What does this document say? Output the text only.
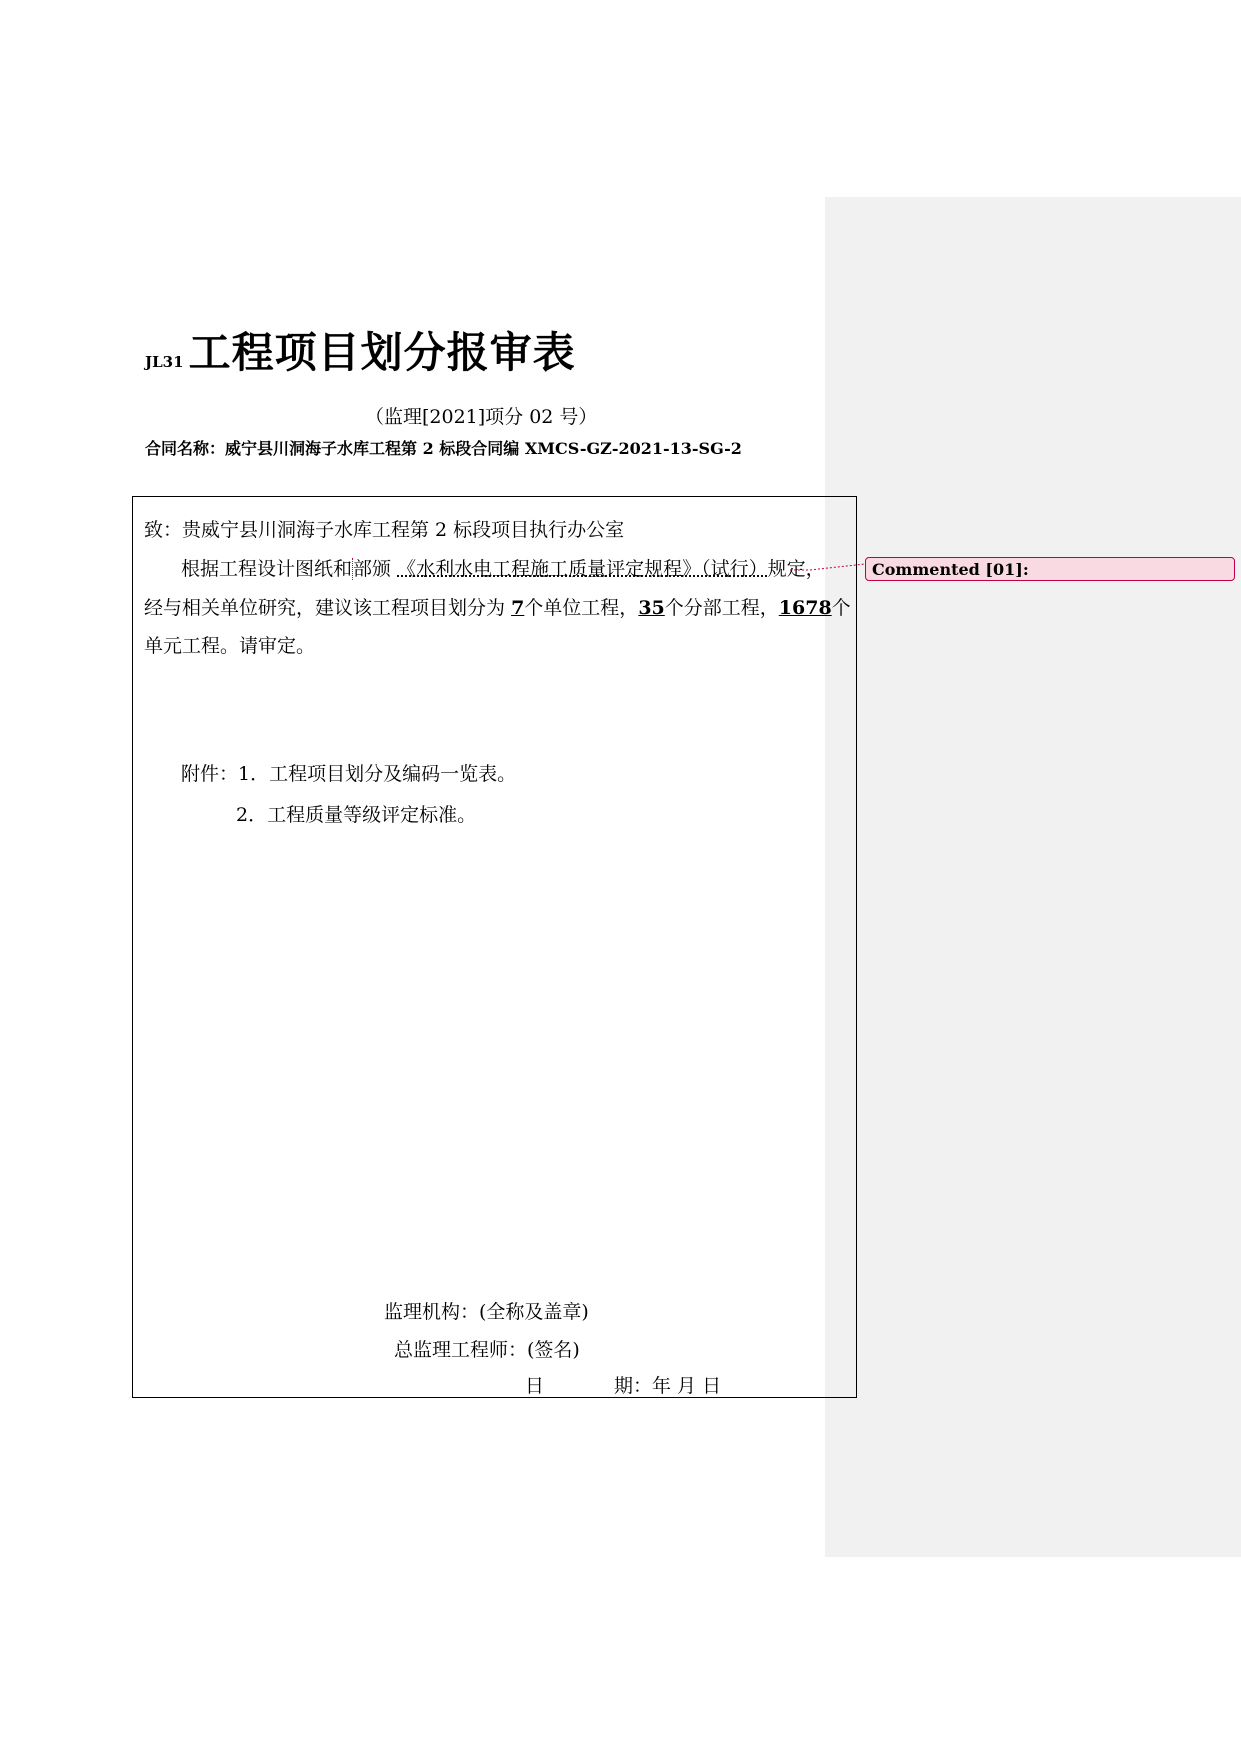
JL31 工程项目划分报审表
（监理[2021]项分 02 号）
合同名称：威宁县川洞海子水库工程第 2 标段合同编 XMCS-GZ-2021-13-SG-2
致：贵威宁县川洞海子水库工程第 2 标段项目执行办公室
根据工程设计图纸和部颁 《水利水电工程施工质量评定规程》（试行）规定，
经与相关单位研究，建议该工程项目划分为 7个单位工程，35个分部工程，1678个
单元工程。请审定。
附件：1．工程项目划分及编码一览表。
2．工程质量等级评定标准。
监理机构：(全称及盖章)
总监理工程师：(签名)
日	期：年 月 日
Commented [01]:
